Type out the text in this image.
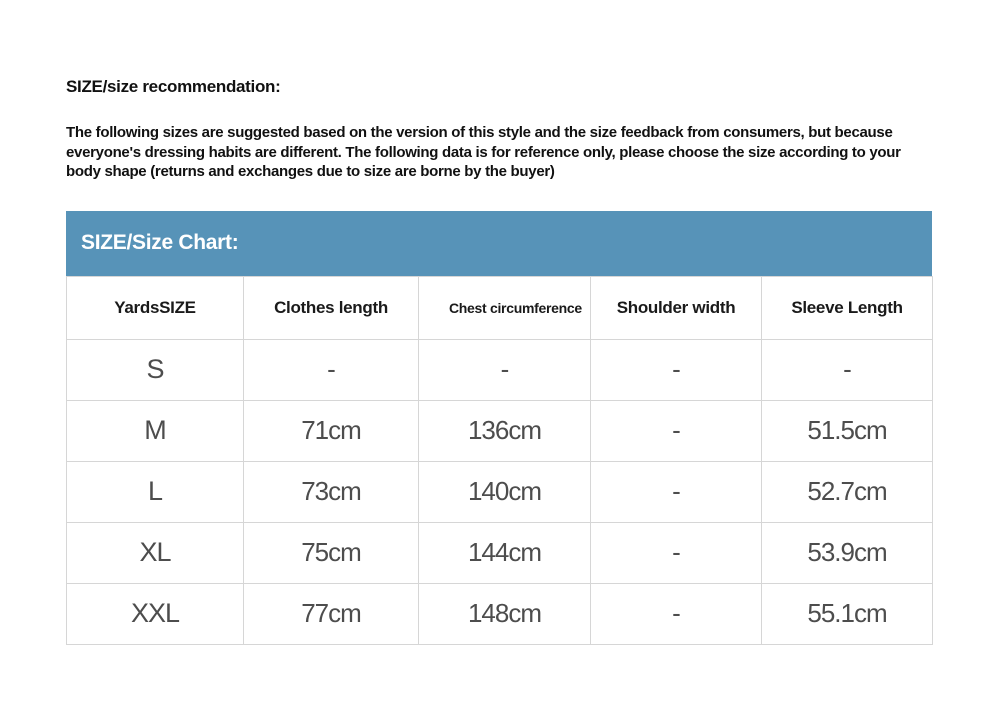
SIZE/size recommendation:

The following sizes are suggested based on the version of this style and the size feedback from consumers, but because everyone's dressing habits are different. The following data is for reference only, please choose the size according to your body shape (returns and exchanges due to size are borne by the buyer)

SIZE/Size Chart:
YardsSIZE	Clothes length	Chest circumference	Shoulder width	Sleeve Length
S	-	-	-	-
M	71cm	136cm	-	51.5cm
L	73cm	140cm	-	52.7cm
XL	75cm	144cm	-	53.9cm
XXL	77cm	148cm	-	55.1cm
